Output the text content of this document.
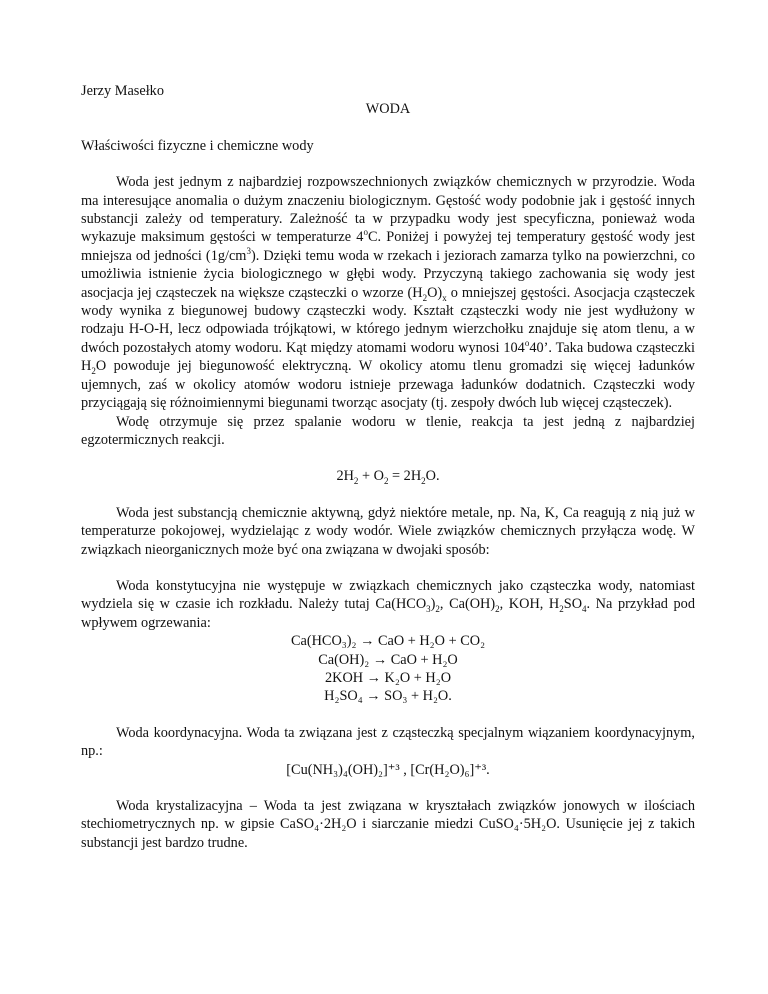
Jerzy Masełko

WODA

Właściwości fizyczne i chemiczne wody

Woda jest jednym z najbardziej rozpowszechnionych związków chemicznych w przyrodzie. Woda ma interesujące anomalia o dużym znaczeniu biologicznym. Gęstość wody podobnie jak i gęstość innych substancji zależy od temperatury. Zależność ta w przypadku wody jest specyficzna, ponieważ woda wykazuje maksimum gęstości w temperaturze 4$^o$C. Poniżej i powyżej tej temperatury gęstość wody jest mniejsza od jedności $(1g/cm^3)$. Dzięki temu woda w rzekach i jeziorach zamarza tylko na powierzchni, co umożliwia istnienie życia biologicznego w głębi wody. Przyczyną takiego zachowania się wody jest asocjacja jej cząsteczek na większe cząsteczki o wzorze $(H_2O)_x$ o mniejszej gęstości. Asocjacja cząsteczek wody wynika z biegunowej budowy cząsteczki wody. Kształt cząsteczki wody nie jest wydłużony w rodzaju H-O-H, lecz odpowiada trójkątowi, w którego jednym wierzchołku znajduje się atom tlenu, a w dwóch pozostałych atomy wodoru. Kąt między atomami wodoru wynosi 104$^o$40’. Taka budowa cząsteczki $H_2O$ powoduje jej biegunowość elektryczną. W okolicy atomu tlenu gromadzi się więcej ładunków ujemnych, zaś w okolicy atomów wodoru istnieje przewaga ładunków dodatnich. Cząsteczki wody przyciągają się różnoimiennymi biegunami tworząc asocjaty (tj. zespoły dwóch lub więcej cząsteczek).

Wodę otrzymuje się przez spalanie wodoru w tlenie, reakcja ta jest jedną z najbardziej egzotermicznych reakcji.

$2H_2 + O_2 = 2H_2O$.

Woda jest substancją chemicznie aktywną, gdyż niektóre metale, np. Na, K, Ca reagują z nią już w temperaturze pokojowej, wydzielając z wody wodór. Wiele związków chemicznych przyłącza wodę. W związkach nieorganicznych może być ona związana w dwojaki sposób:

Woda konstytucyjna nie występuje w związkach chemicznych jako cząsteczka wody, natomiast wydziela się w czasie ich rozkładu. Należy tutaj $Ca(HCO_3)_2$, $Ca(OH)_2$, KOH, $H_2SO_4$. Na przykład pod wpływem ogrzewania:

Ca(HCO₃)₂ → CaO + H₂O + CO₂
Ca(OH)₂ → CaO + H₂O
2KOH → K₂O + H₂O
H₂SO₄ → SO₃ + H₂O.

Woda koordynacyjna. Woda ta związana jest z cząsteczką specjalnym wiązaniem koordynacyjnym, np.:

[Cu(NH₃)₄(OH)₂]⁺³ , [Cr(H₂O)₆]⁺³.

Woda krystalizacyjna – Woda ta jest związana w kryształach związków jonowych w ilościach stechiometrycznych np. w gipsie CaSO₄·2H₂O i siarczanie miedzi CuSO₄·5H₂O. Usunięcie jej z takich substancji jest bardzo trudne.
